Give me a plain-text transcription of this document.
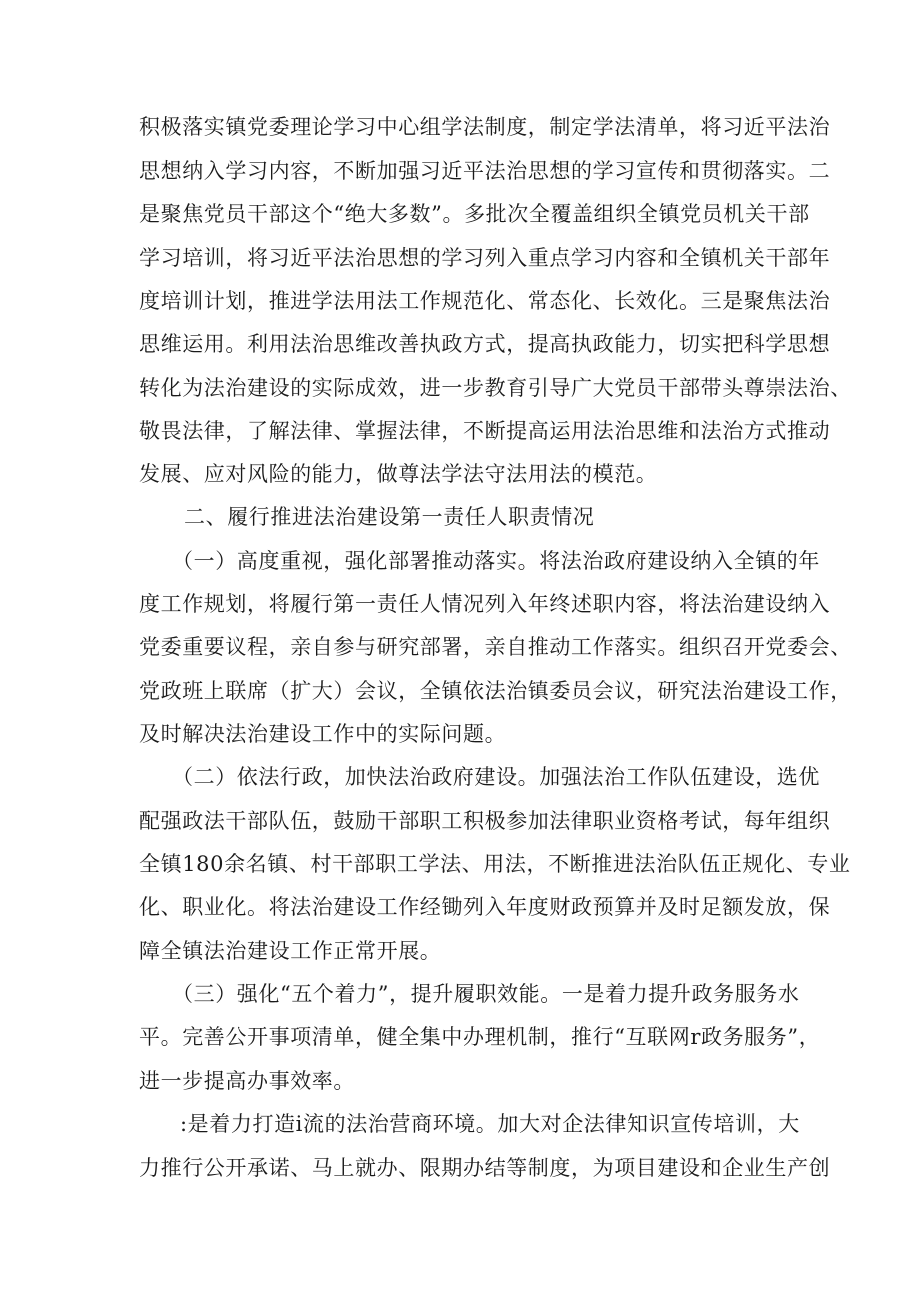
积极落实镇党委理论学习中心组学法制度，制定学法清单，将习近平法治
思想纳入学习内容，不断加强习近平法治思想的学习宣传和贯彻落实。二
是聚焦党员干部这个“绝大多数”。多批次全覆盖组织全镇党员机关干部
学习培训，将习近平法治思想的学习列入重点学习内容和全镇机关干部年
度培训计划，推进学法用法工作规范化、常态化、长效化。三是聚焦法治
思维运用。利用法治思维改善执政方式，提高执政能力，切实把科学思想
转化为法治建设的实际成效，进一步教育引导广大党员干部带头尊崇法治、
敬畏法律，了解法律、掌握法律，不断提高运用法治思维和法治方式推动
发展、应对风险的能力，做尊法学法守法用法的模范。
二、履行推进法治建设第一责任人职责情况
（一）高度重视，强化部署推动落实。将法治政府建设纳入全镇的年
度工作规划，将履行第一责任人情况列入年终述职内容，将法治建设纳入
党委重要议程，亲自参与研究部署，亲自推动工作落实。组织召开党委会、
党政班上联席（扩大）会议，全镇依法治镇委员会议，研究法治建设工作，
及时解决法治建设工作中的实际问题。
（二）依法行政，加快法治政府建设。加强法治工作队伍建设，选优
配强政法干部队伍，鼓励干部职工积极参加法律职业资格考试，每年组织
全镇180余名镇、村干部职工学法、用法，不断推进法治队伍正规化、专业
化、职业化。将法治建设工作经锄列入年度财政预算并及时足额发放，保
障全镇法治建设工作正常开展。
（三）强化“五个着力”，提升履职效能。一是着力提升政务服务水
平。完善公开事项清单，健全集中办理机制，推行“互联网r政务服务”，
进一步提高办事效率。
:是着力打造i流的法治营商环境。加大对企法律知识宣传培训，大
力推行公开承诺、马上就办、限期办结等制度，为项目建设和企业生产创
